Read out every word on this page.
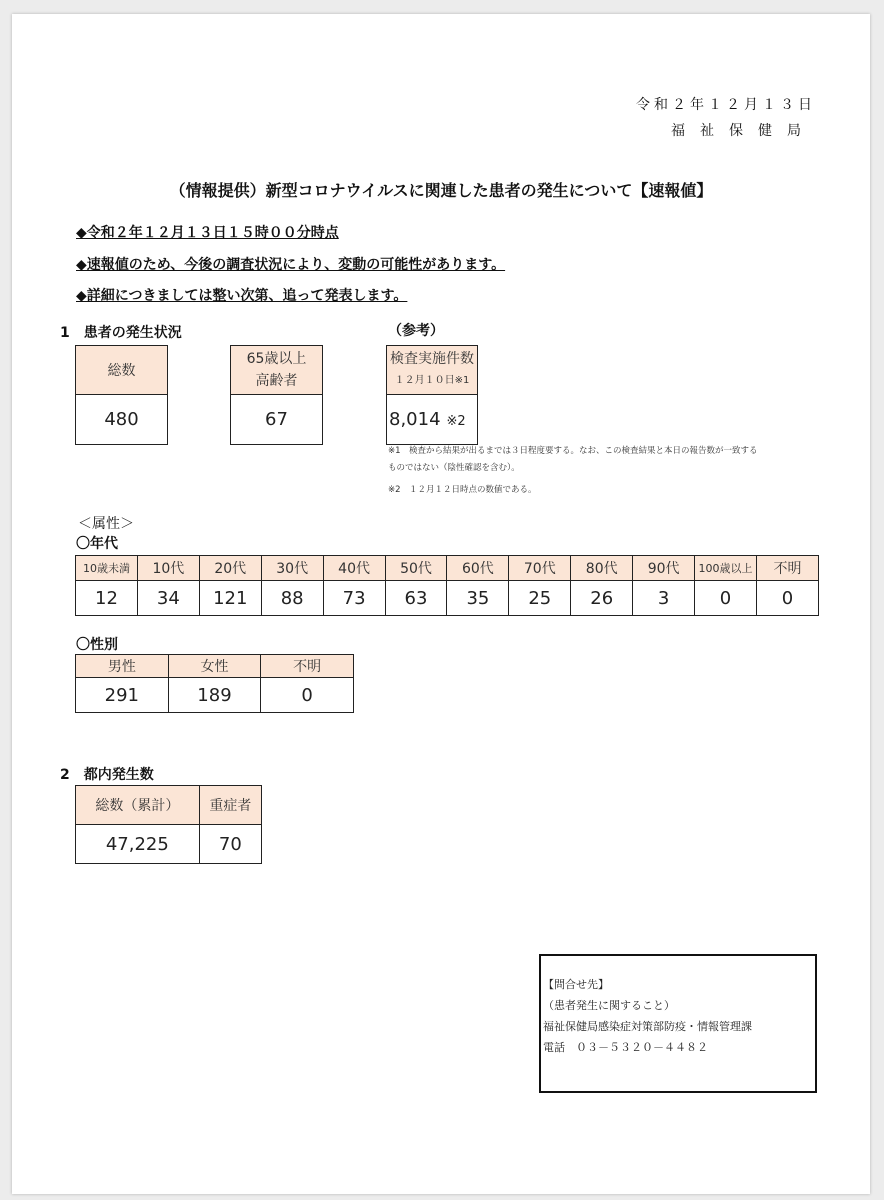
令和２年１２月１３日
福祉保健局
（情報提供）新型コロナウイルスに関連した患者の発生について【速報値】
◆令和２年１２月１３日１５時００分時点
◆速報値のため、今後の調査状況により、変動の可能性があります。
◆詳細につきましては整い次第、追って発表します。
1　患者の発生状況	（参考）
総数
480
65歳以上
高齢者

67
検査実施件数
１２月１０日※1

8,014 ※2
※1　検査から結果が出るまでは３日程度要する。なお、この検査結果と本日の報告数が一致する
ものではない（陰性確認を含む）。
※2　１２月１２日時点の数値である。
＜属性＞
〇年代
10歳未満	10代	20代	30代	40代	50代	60代	70代	80代	90代	100歳以上	不明
12	34	121	88	73	63	35	25	26	3	0	0
〇性別
男性	女性	不明
291	189	0
2　都内発生数
総数（累計）	重症者
47,225	70
【問合せ先】
（患者発生に関すること）
福祉保健局感染症対策部防疫・情報管理課
電話　０３－５３２０－４４８２
